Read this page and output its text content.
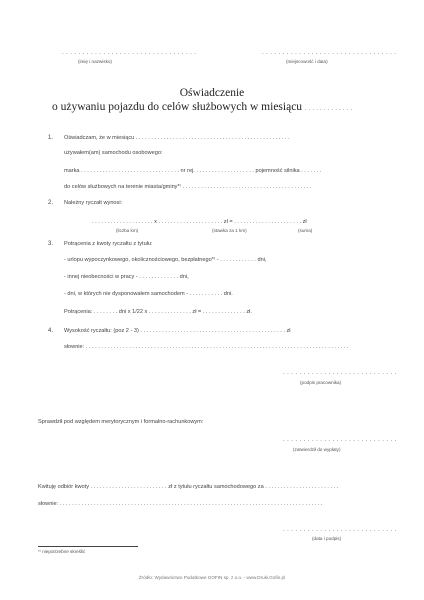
. . . . . . . . . . . . . . . . . . . . . . . . . . . . . . . . .
(imię i nazwisko)
. . . . . . . . . . . . . . . . . . . . . . . . . . . . . . . . .
(miejscowość i data)
Oświadczenie
o używaniu pojazdu do celów służbowych w miesiącu . . . . . . . . . . . . .
1. Oświadczam, że w miesiącu . . . . . . . . . . . . . . . . . . . . . . . . . . . . . . . . . . . . . . . . . . . . . . . . . .
używałem(am) samochodu osobowego:
marka . . . . . . . . . . . . . . . . . . . . . . . . . . . . . . . . nr rej. . . . . . . . . . . . . . . . . . . . pojemność silnika . . . . . . .
do celów służbowych na terenie miasta/gminy*⁾ . . . . . . . . . . . . . . . . . . . . . . . . . . . . . . . . . . . . . . . . . .
2. Należny ryczałt wynosi:
. . . . . . . . . . . . . . . . . . . . x . . . . . . . . . . . . . . . . . . . . . zł = . . . . . . . . . . . . . . . . . . . . . . zł
(liczba km)	(stawka za 1 km)	(suma)
3. Potrącenia z kwoty ryczałtu z tytułu:
- urlopu wypoczynkowego, okolicznościowego, bezpłatnego*⁾ - . . . . . . . . . . . . dni,
- innej nieobecności w pracy - . . . . . . . . . . . . . dni,
- dni, w których nie dysponowałem samochodem - . . . . . . . . . . . dni.
Potrącenia: . . . . . . . . dni x 1/22 x . . . . . . . . . . . . . . zł = . . . . . . . . . . . . . . zł.
4. Wysokość ryczałtu: (poz 2 - 3) . . . . . . . . . . . . . . . . . . . . . . . . . . . . . . . . . . . . . . . . . . . . . . . zł
słownie: . . . . . . . . . . . . . . . . . . . . . . . . . . . . . . . . . . . . . . . . . . . . . . . . . . . . . . . . . . . . . . . . . . . . . . . . . . . . . . . . . . . . .
. . . . . . . . . . . . . . . . . . . . . . . . . . . .
(podpis pracownika)
Sprawdził pod względem merytorycznym i formalno-rachunkowym:
. . . . . . . . . . . . . . . . . . . . . . . . . . . .
(zatwierdził do wypłaty)
Kwituję odbiór kwoty . . . . . . . . . . . . . . . . . . . . . . . . . zł z tytułu ryczałtu samochodowego za . . . . . . . . . . . . . . . . . . . . . . . .
słownie: . . . . . . . . . . . . . . . . . . . . . . . . . . . . . . . . . . . . . . . . . . . . . . . . . . . . . . . . . . . . . . . . . . . . . . . . . . . . . . . . . . . . .
. . . . . . . . . . . . . . . . . . . . . . . . . . . .
(data i podpis)
*⁾ niepotrzebne skreślić
Źródło: Wydawnictwo Podatkowe GOFIN sp. z o.o. - www.Druki.Gofin.pl
